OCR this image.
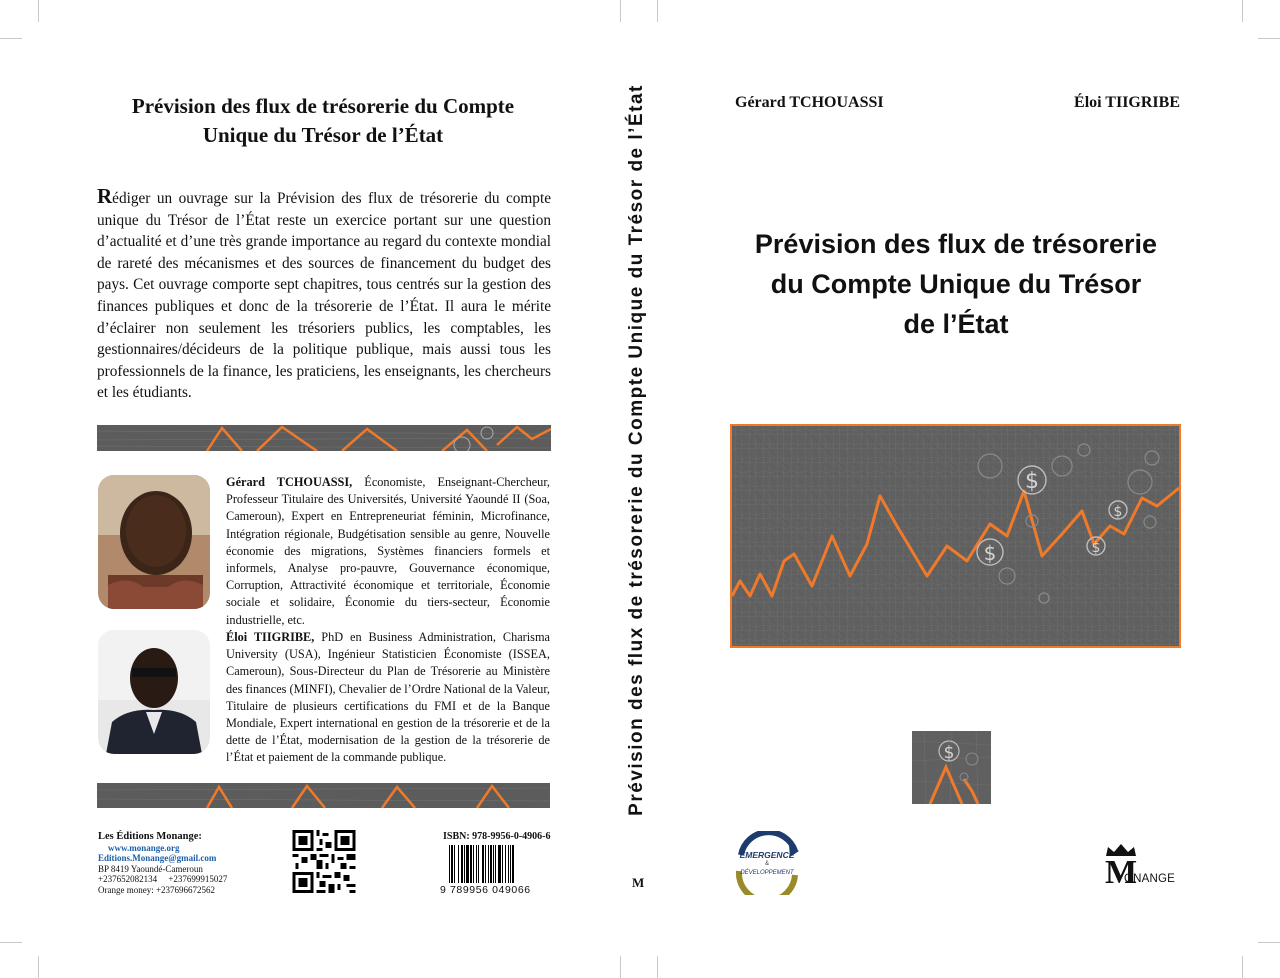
Prévision des flux de trésorerie du Compte
Unique du Trésor de l’État
Rédiger un ouvrage sur la Prévision des flux de trésorerie du compte unique du Trésor de l’État reste un exercice portant sur une question d’actualité et d’une très grande importance au regard du contexte mondial de rareté des mécanismes et des sources de financement du budget des pays. Cet ouvrage comporte sept chapitres, tous centrés sur la gestion des finances publiques et donc de la trésorerie de l’État. Il aura le mérite d’éclairer non seulement les trésoriers publics, les comptables, les gestionnaires/décideurs de la politique publique, mais aussi tous les professionnels de la finance, les praticiens, les enseignants, les chercheurs et les étudiants.
Gérard TCHOUASSI, Économiste, Enseignant-Chercheur, Professeur Titulaire des Universités, Université Yaoundé II (Soa, Cameroun), Expert en Entrepreneuriat féminin, Microfinance, Intégration régionale, Budgétisation sensible au genre, Nouvelle économie des migrations, Systèmes financiers formels et informels, Analyse pro-pauvre, Gouvernance économique, Corruption, Attractivité économique et territoriale, Économie sociale et solidaire, Économie du tiers-secteur, Économie industrielle, etc.
Éloi TIIGRIBE, PhD en Business Administration, Charisma University (USA), Ingénieur Statisticien Économiste (ISSEA, Cameroun), Sous-Directeur du Plan de Trésorerie au Ministère des finances (MINFI), Chevalier de l’Ordre National de la Valeur, Titulaire de plusieurs certifications du FMI et de la Banque Mondiale, Expert international en gestion de la trésorerie et de la dette de l’État, modernisation de la gestion de la trésorerie de l’État et paiement de la commande publique.
Les Éditions Monange:
www.monange.org
Editions.Monange@gmail.com
BP 8419 Yaoundé-Cameroun
+237652082134     +237699915027
Orange money: +237696672562
ISBN: 978-9956-0-4906-6
9 789956 049066
Prévision des flux de trésorerie du Compte Unique du Trésor de l’État
M
Gérard TCHOUASSI	Éloi TIIGRIBE
Prévision des flux de trésorerie
du Compte Unique du Trésor
de l’État
$
$
$
$
$
ÉMERGENCE
&
DÉVELOPPEMENT	M
ONANGE
